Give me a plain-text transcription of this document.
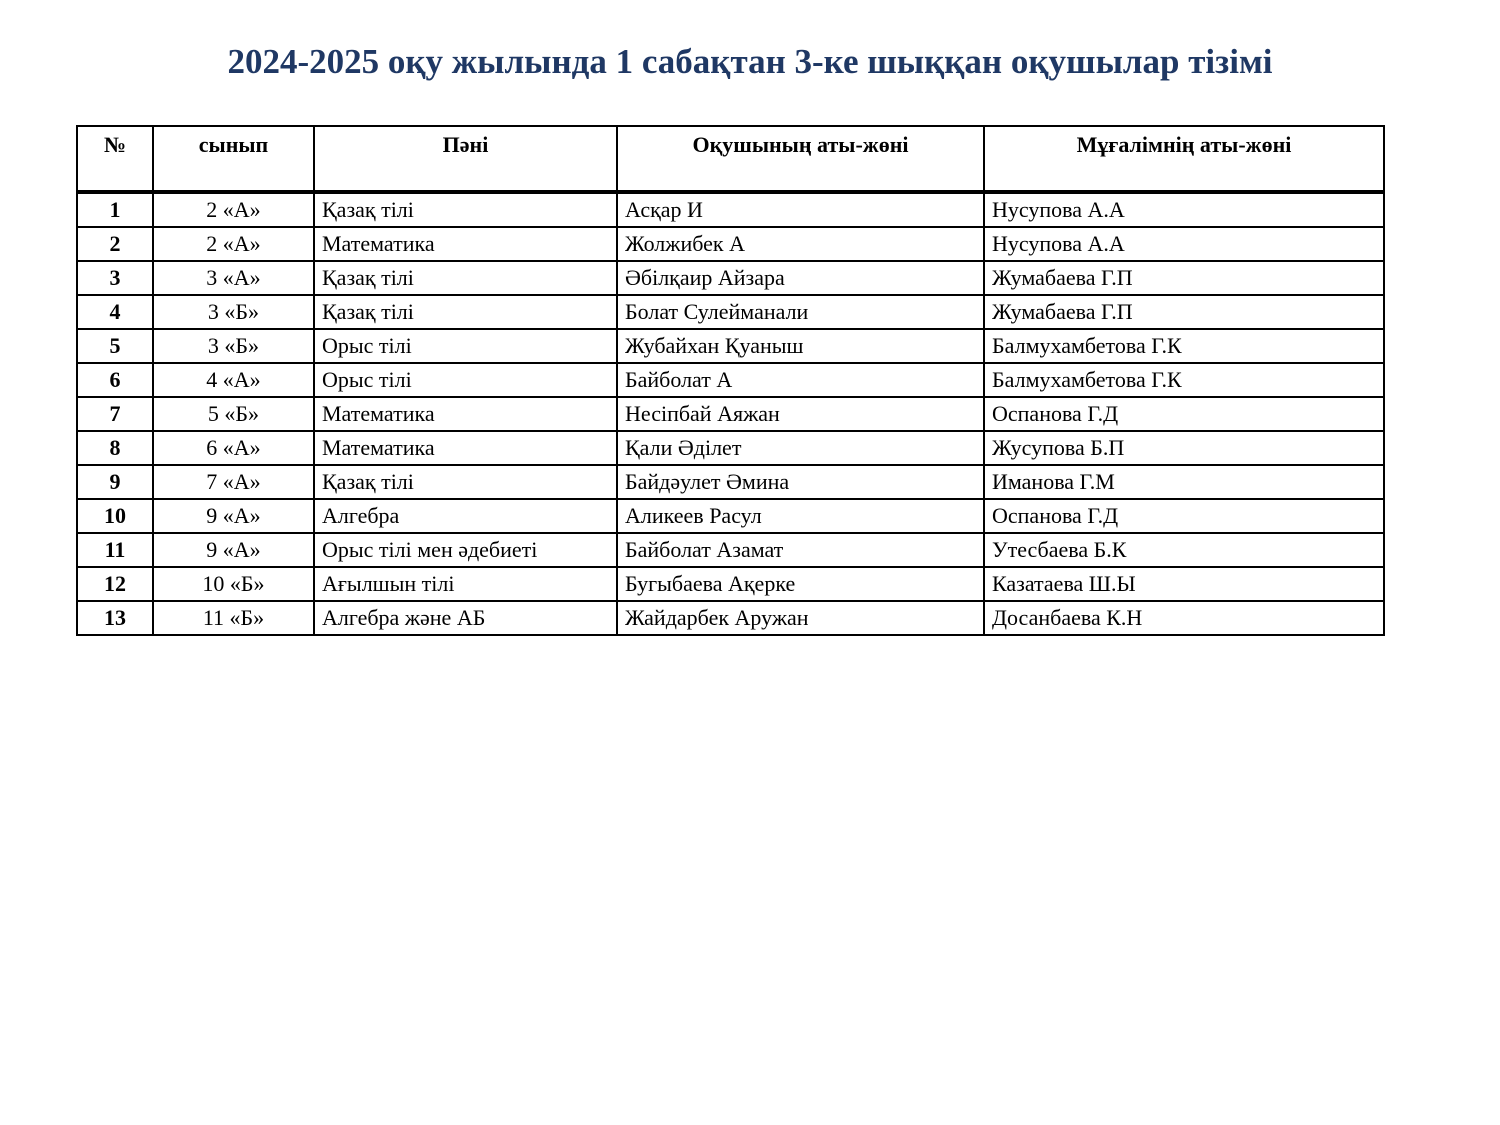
2024-2025 оқу жылында 1 сабақтан 3-ке шыққан оқушылар тізімі
№	сынып	Пәні	Оқушының аты-жөні	Мұғалімнің аты-жөні
1	2 «А»	Қазақ тілі	Асқар И	Нусупова А.А
2	2 «А»	Математика	Жолжибек А	Нусупова А.А
3	3 «А»	Қазақ тілі	Әбілқаир Айзара	Жумабаева Г.П
4	3 «Б»	Қазақ тілі	Болат Сулейманали	Жумабаева Г.П
5	3 «Б»	Орыс тілі	Жубайхан Қуаныш	Балмухамбетова Г.К
6	4 «А»	Орыс тілі	Байболат А	Балмухамбетова Г.К
7	5 «Б»	Математика	Несіпбай Аяжан	Оспанова Г.Д
8	6 «А»	Математика	Қали Әділет	Жусупова Б.П
9	7 «А»	Қазақ тілі	Байдәулет Әмина	Иманова Г.М
10	9 «А»	Алгебра	Аликеев Расул	Оспанова Г.Д
11	9 «А»	Орыс тілі мен әдебиеті	Байболат Азамат	Утесбаева Б.К
12	10 «Б»	Ағылшын тілі	Бугыбаева Ақерке	Казатаева Ш.Ы
13	11 «Б»	Алгебра және АБ	Жайдарбек Аружан	Досанбаева К.Н
